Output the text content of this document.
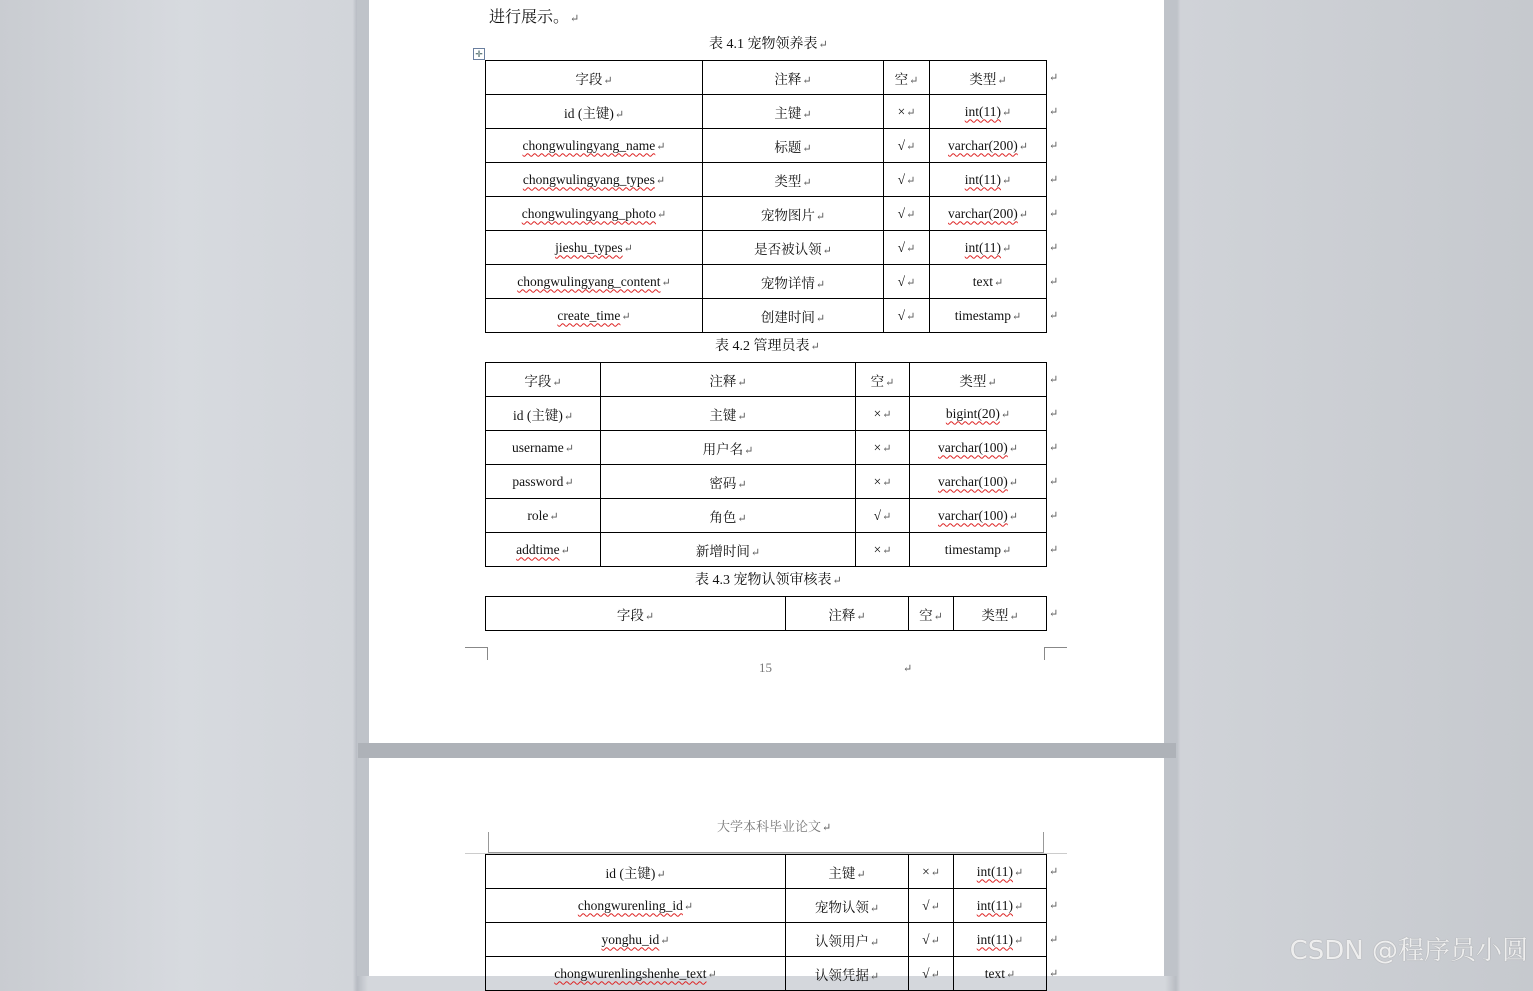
进行展示。↵
表 4.1 宠物领养表↵
✛
字段↵	注释↵	空↵	类型↵
id (主键)↵	主键↵	×↵	int(11)↵
chongwulingyang_name↵	标题↵	√↵	varchar(200)↵
chongwulingyang_types↵	类型↵	√↵	int(11)↵
chongwulingyang_photo↵	宠物图片↵	√↵	varchar(200)↵
jieshu_types↵	是否被认领↵	√↵	int(11)↵
chongwulingyang_content↵	宠物详情↵	√↵	text↵
create_time↵	创建时间↵	√↵	timestamp↵
表 4.2 管理员表↵
字段↵	注释↵	空↵	类型↵
id (主键)↵	主键↵	×↵	bigint(20)↵
username↵	用户名↵	×↵	varchar(100)↵
password↵	密码↵	×↵	varchar(100)↵
role↵	角色↵	√↵	varchar(100)↵
addtime↵	新增时间↵	×↵	timestamp↵
表 4.3 宠物认领审核表↵
字段↵	注释↵	空↵	类型↵
15	↵
↵
↵
↵
↵
↵
↵
↵
↵
↵
↵
↵
↵
↵
↵
↵
大学本科毕业论文↵
id (主键)↵	主键↵	×↵	int(11)↵
chongwurenling_id↵	宠物认领↵	√↵	int(11)↵
yonghu_id↵	认领用户↵	√↵	int(11)↵
chongwurenlingshenhe_text↵	认领凭据↵	√↵	text↵
↵
↵
↵
↵
CSDN @程序员小圆
